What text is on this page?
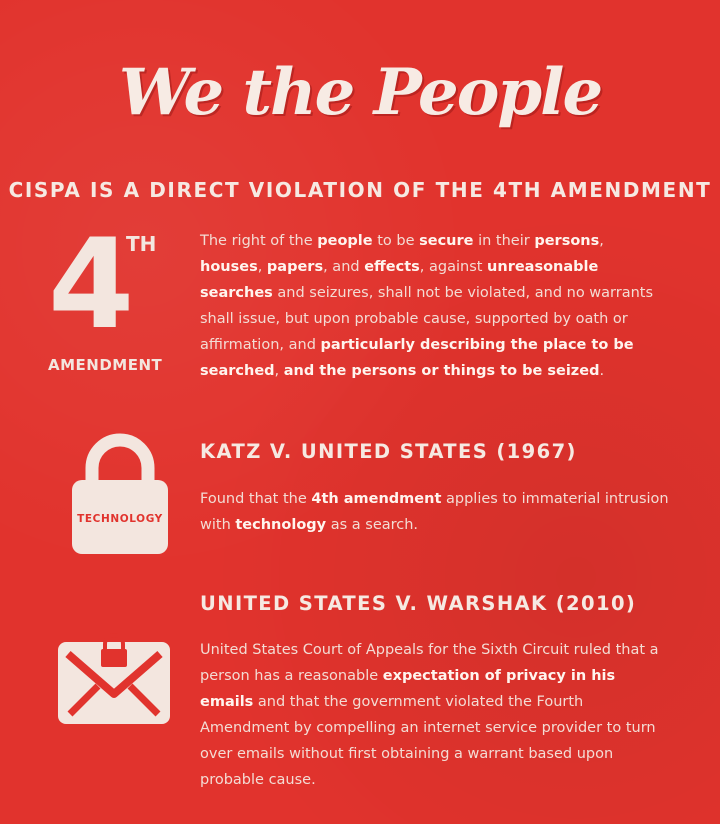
We the People
CISPA IS A DIRECT VIOLATION OF THE 4TH AMENDMENT
4
TH
AMENDMENT
The right of the people to be secure in their persons, houses, papers, and effects, against unreasonable searches and seizures, shall not be violated, and no warrants shall issue, but upon probable cause, supported by oath or affirmation, and particularly describing the place to be searched, and the persons or things to be seized.
TECHNOLOGY
KATZ V. UNITED STATES (1967)
Found that the 4th amendment applies to immaterial intrusion with technology as a search.
UNITED STATES V. WARSHAK (2010)
United States Court of Appeals for the Sixth Circuit ruled that a person has a reasonable expectation of privacy in his emails and that the government violated the Fourth Amendment by compelling an internet service provider to turn over emails without first obtaining a warrant based upon probable cause.
